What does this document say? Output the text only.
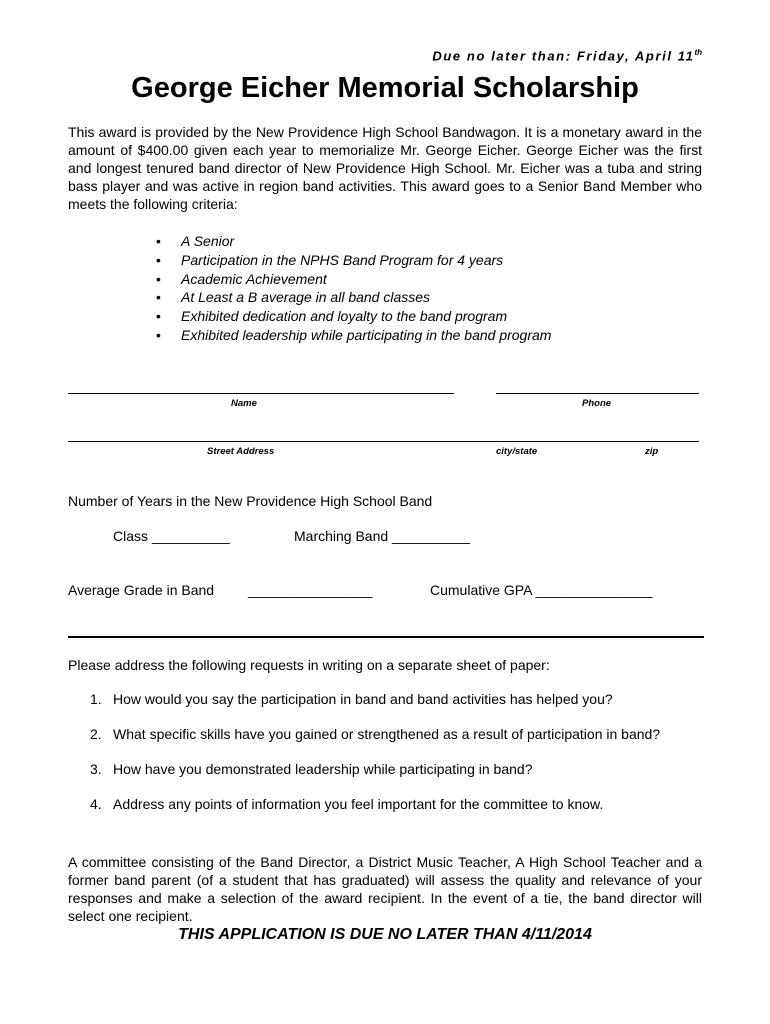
Due no later than: Friday, April 11th
George Eicher Memorial Scholarship

This award is provided by the New Providence High School Bandwagon. It is a monetary award in the amount of $400.00 given each year to memorialize Mr. George Eicher. George Eicher was the first and longest tenured band director of New Providence High School. Mr. Eicher was a tuba and string bass player and was active in region band activities. This award goes to a Senior Band Member who meets the following criteria:

• A Senior
• Participation in the NPHS Band Program for 4 years
• Academic Achievement
• At Least a B average in all band classes
• Exhibited dedication and loyalty to the band program
• Exhibited leadership while participating in the band program
Name	Phone
Street Address	city/state	zip
Number of Years in the New Providence High School Band
Class __________	Marching Band __________
Average Grade in Band ________________	Cumulative GPA _______________
Please address the following requests in writing on a separate sheet of paper:
1. How would you say the participation in band and band activities has helped you?
2. What specific skills have you gained or strengthened as a result of participation in band?
3. How have you demonstrated leadership while participating in band?
4. Address any points of information you feel important for the committee to know.

A committee consisting of the Band Director, a District Music Teacher, A High School Teacher and a former band parent (of a student that has graduated) will assess the quality and relevance of your responses and make a selection of the award recipient. In the event of a tie, the band director will select one recipient.

THIS APPLICATION IS DUE NO LATER THAN 4/11/2014
